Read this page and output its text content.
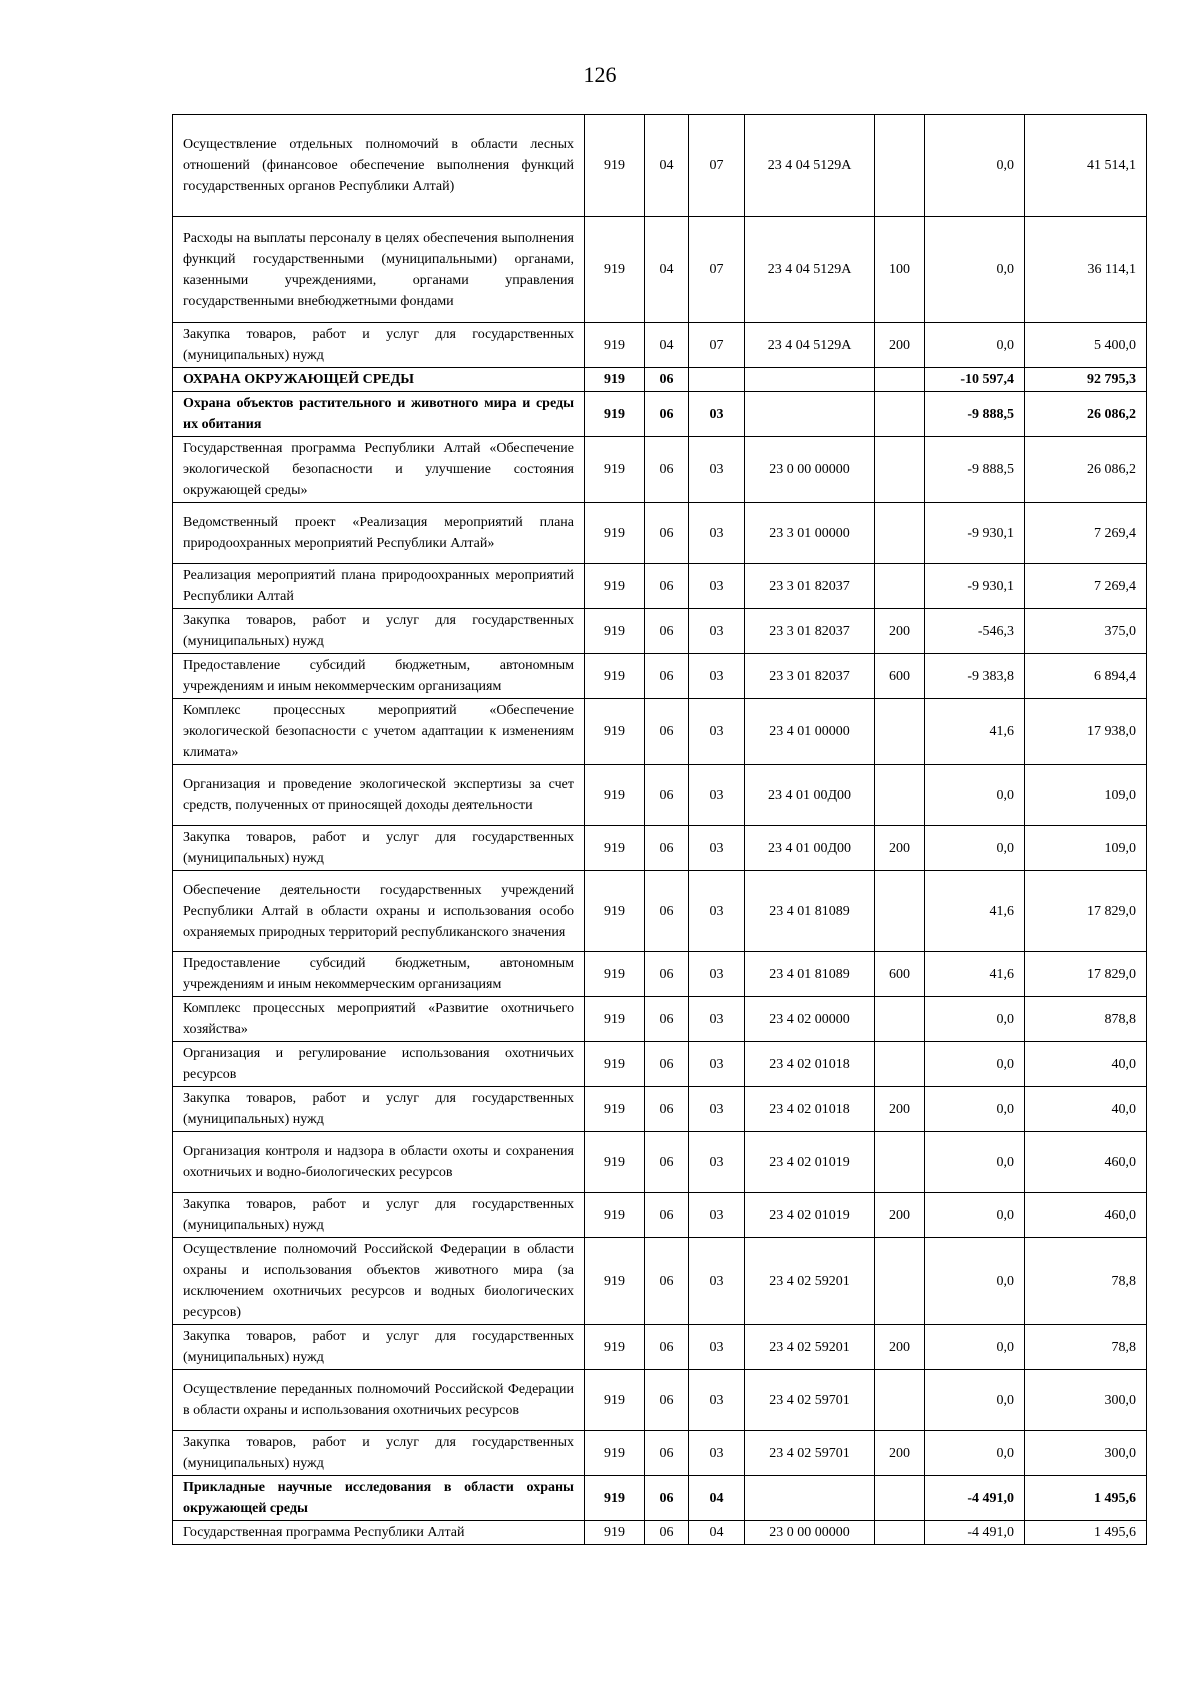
126
Осуществление отдельных полномочий в области лесных отношений (финансовое обеспечение выполнения функций государственных органов Республики Алтай)	919	04	07	23 4 04 5129А		0,0	41 514,1
Расходы на выплаты персоналу в целях обеспечения выполнения функций государственными (муниципальными) органами, казенными учреждениями, органами управления государственными внебюджетными фондами	919	04	07	23 4 04 5129А	100	0,0	36 114,1
Закупка товаров, работ и услуг для государственных (муниципальных) нужд	919	04	07	23 4 04 5129А	200	0,0	5 400,0
ОХРАНА ОКРУЖАЮЩЕЙ СРЕДЫ	919	06				-10 597,4	92 795,3
Охрана объектов растительного и животного мира и среды их обитания	919	06	03			-9 888,5	26 086,2
Государственная программа Республики Алтай «Обеспечение экологической безопасности и улучшение состояния окружающей среды»	919	06	03	23 0 00 00000		-9 888,5	26 086,2
Ведомственный проект «Реализация мероприятий плана природоохранных мероприятий Республики Алтай»	919	06	03	23 3 01 00000		-9 930,1	7 269,4
Реализация мероприятий плана природоохранных мероприятий Республики Алтай	919	06	03	23 3 01 82037		-9 930,1	7 269,4
Закупка товаров, работ и услуг для государственных (муниципальных) нужд	919	06	03	23 3 01 82037	200	-546,3	375,0
Предоставление субсидий бюджетным, автономным учреждениям и иным некоммерческим организациям	919	06	03	23 3 01 82037	600	-9 383,8	6 894,4
Комплекс процессных мероприятий «Обеспечение экологической безопасности с учетом адаптации к изменениям климата»	919	06	03	23 4 01 00000		41,6	17 938,0
Организация и проведение экологической экспертизы за счет средств, полученных от приносящей доходы деятельности	919	06	03	23 4 01 00Д00		0,0	109,0
Закупка товаров, работ и услуг для государственных (муниципальных) нужд	919	06	03	23 4 01 00Д00	200	0,0	109,0
Обеспечение деятельности государственных учреждений Республики Алтай в области охраны и использования особо охраняемых природных территорий республиканского значения	919	06	03	23 4 01 81089		41,6	17 829,0
Предоставление субсидий бюджетным, автономным учреждениям и иным некоммерческим организациям	919	06	03	23 4 01 81089	600	41,6	17 829,0
Комплекс процессных мероприятий «Развитие охотничьего хозяйства»	919	06	03	23 4 02 00000		0,0	878,8
Организация и регулирование использования охотничьих ресурсов	919	06	03	23 4 02 01018		0,0	40,0
Закупка товаров, работ и услуг для государственных (муниципальных) нужд	919	06	03	23 4 02 01018	200	0,0	40,0
Организация контроля и надзора в области охоты и сохранения охотничьих и водно-биологических ресурсов	919	06	03	23 4 02 01019		0,0	460,0
Закупка товаров, работ и услуг для государственных (муниципальных) нужд	919	06	03	23 4 02 01019	200	0,0	460,0
Осуществление полномочий Российской Федерации в области охраны и использования объектов животного мира (за исключением охотничьих ресурсов и водных биологических ресурсов)	919	06	03	23 4 02 59201		0,0	78,8
Закупка товаров, работ и услуг для государственных (муниципальных) нужд	919	06	03	23 4 02 59201	200	0,0	78,8
Осуществление переданных полномочий Российской Федерации в области охраны и использования охотничьих ресурсов	919	06	03	23 4 02 59701		0,0	300,0
Закупка товаров, работ и услуг для государственных (муниципальных) нужд	919	06	03	23 4 02 59701	200	0,0	300,0
Прикладные научные исследования в области охраны окружающей среды	919	06	04			-4 491,0	1 495,6
Государственная программа Республики Алтай	919	06	04	23 0 00 00000		-4 491,0	1 495,6
